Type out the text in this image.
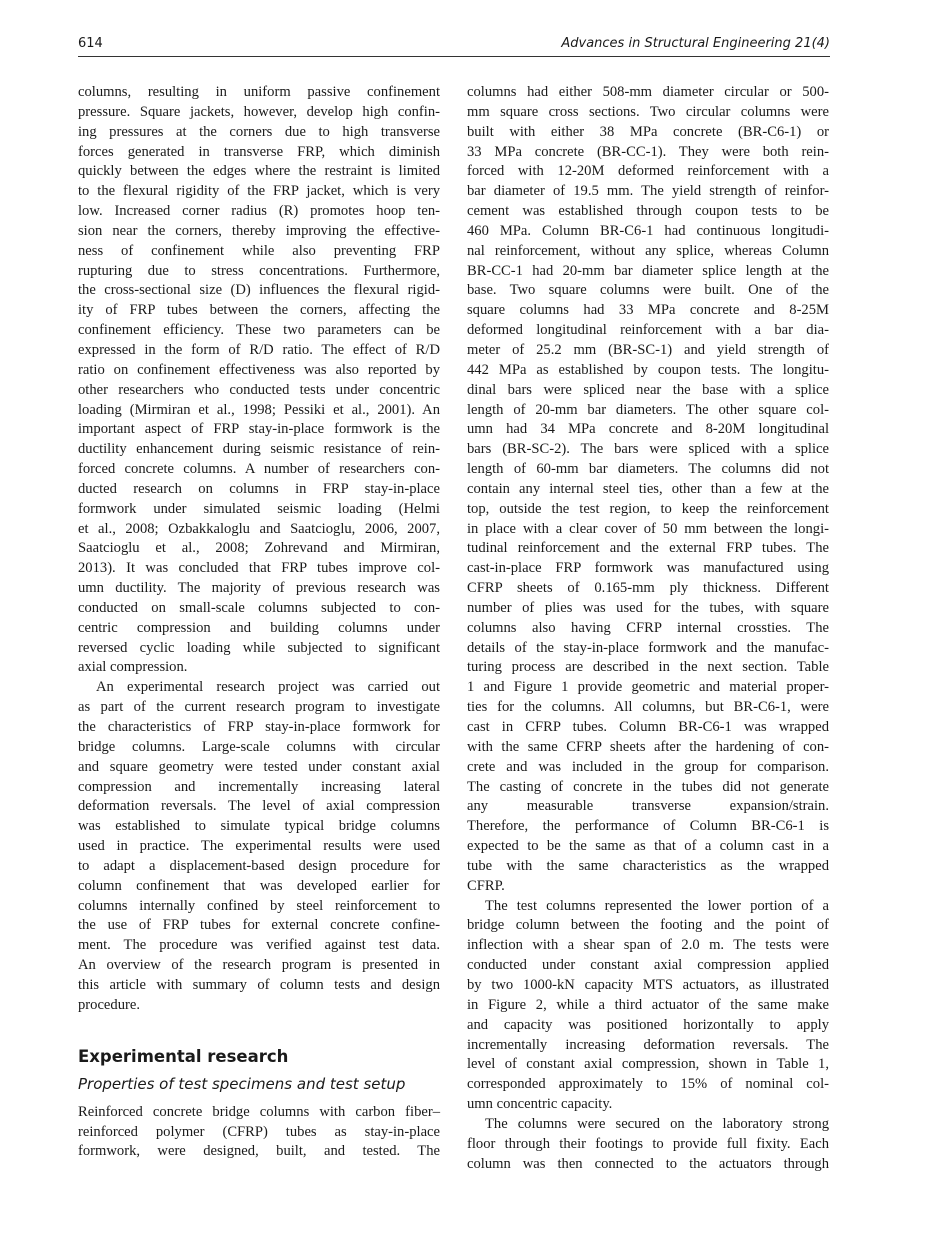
614	Advances in Structural Engineering 21(4)
columns, resulting in uniform passive confinement
pressure. Square jackets, however, develop high confin-
ing pressures at the corners due to high transverse
forces generated in transverse FRP, which diminish
quickly between the edges where the restraint is limited
to the flexural rigidity of the FRP jacket, which is very
low. Increased corner radius (R) promotes hoop ten-
sion near the corners, thereby improving the effective-
ness of confinement while also preventing FRP
rupturing due to stress concentrations. Furthermore,
the cross-sectional size (D) influences the flexural rigid-
ity of FRP tubes between the corners, affecting the
confinement efficiency. These two parameters can be
expressed in the form of R/D ratio. The effect of R/D
ratio on confinement effectiveness was also reported by
other researchers who conducted tests under concentric
loading (Mirmiran et al., 1998; Pessiki et al., 2001). An
important aspect of FRP stay-in-place formwork is the
ductility enhancement during seismic resistance of rein-
forced concrete columns. A number of researchers con-
ducted research on columns in FRP stay-in-place
formwork under simulated seismic loading (Helmi
et al., 2008; Ozbakkaloglu and Saatcioglu, 2006, 2007,
Saatcioglu et al., 2008; Zohrevand and Mirmiran,
2013). It was concluded that FRP tubes improve col-
umn ductility. The majority of previous research was
conducted on small-scale columns subjected to con-
centric compression and building columns under
reversed cyclic loading while subjected to significant
axial compression.
An experimental research project was carried out
as part of the current research program to investigate
the characteristics of FRP stay-in-place formwork for
bridge columns. Large-scale columns with circular
and square geometry were tested under constant axial
compression and incrementally increasing lateral
deformation reversals. The level of axial compression
was established to simulate typical bridge columns
used in practice. The experimental results were used
to adapt a displacement-based design procedure for
column confinement that was developed earlier for
columns internally confined by steel reinforcement to
the use of FRP tubes for external concrete confine-
ment. The procedure was verified against test data.
An overview of the research program is presented in
this article with summary of column tests and design
procedure.
Experimental research
Properties of test specimens and test setup
Reinforced concrete bridge columns with carbon fiber–
reinforced polymer (CFRP) tubes as stay-in-place
formwork, were designed, built, and tested. The
columns had either 508-mm diameter circular or 500-
mm square cross sections. Two circular columns were
built with either 38 MPa concrete (BR-C6-1) or
33 MPa concrete (BR-CC-1). They were both rein-
forced with 12-20M deformed reinforcement with a
bar diameter of 19.5 mm. The yield strength of reinfor-
cement was established through coupon tests to be
460 MPa. Column BR-C6-1 had continuous longitudi-
nal reinforcement, without any splice, whereas Column
BR-CC-1 had 20-mm bar diameter splice length at the
base. Two square columns were built. One of the
square columns had 33 MPa concrete and 8-25M
deformed longitudinal reinforcement with a bar dia-
meter of 25.2 mm (BR-SC-1) and yield strength of
442 MPa as established by coupon tests. The longitu-
dinal bars were spliced near the base with a splice
length of 20-mm bar diameters. The other square col-
umn had 34 MPa concrete and 8-20M longitudinal
bars (BR-SC-2). The bars were spliced with a splice
length of 60-mm bar diameters. The columns did not
contain any internal steel ties, other than a few at the
top, outside the test region, to keep the reinforcement
in place with a clear cover of 50 mm between the longi-
tudinal reinforcement and the external FRP tubes. The
cast-in-place FRP formwork was manufactured using
CFRP sheets of 0.165-mm ply thickness. Different
number of plies was used for the tubes, with square
columns also having CFRP internal crossties. The
details of the stay-in-place formwork and the manufac-
turing process are described in the next section. Table
1 and Figure 1 provide geometric and material proper-
ties for the columns. All columns, but BR-C6-1, were
cast in CFRP tubes. Column BR-C6-1 was wrapped
with the same CFRP sheets after the hardening of con-
crete and was included in the group for comparison.
The casting of concrete in the tubes did not generate
any measurable transverse expansion/strain.
Therefore, the performance of Column BR-C6-1 is
expected to be the same as that of a column cast in a
tube with the same characteristics as the wrapped
CFRP.
The test columns represented the lower portion of a
bridge column between the footing and the point of
inflection with a shear span of 2.0 m. The tests were
conducted under constant axial compression applied
by two 1000-kN capacity MTS actuators, as illustrated
in Figure 2, while a third actuator of the same make
and capacity was positioned horizontally to apply
incrementally increasing deformation reversals. The
level of constant axial compression, shown in Table 1,
corresponded approximately to 15% of nominal col-
umn concentric capacity.
The columns were secured on the laboratory strong
floor through their footings to provide full fixity. Each
column was then connected to the actuators through
